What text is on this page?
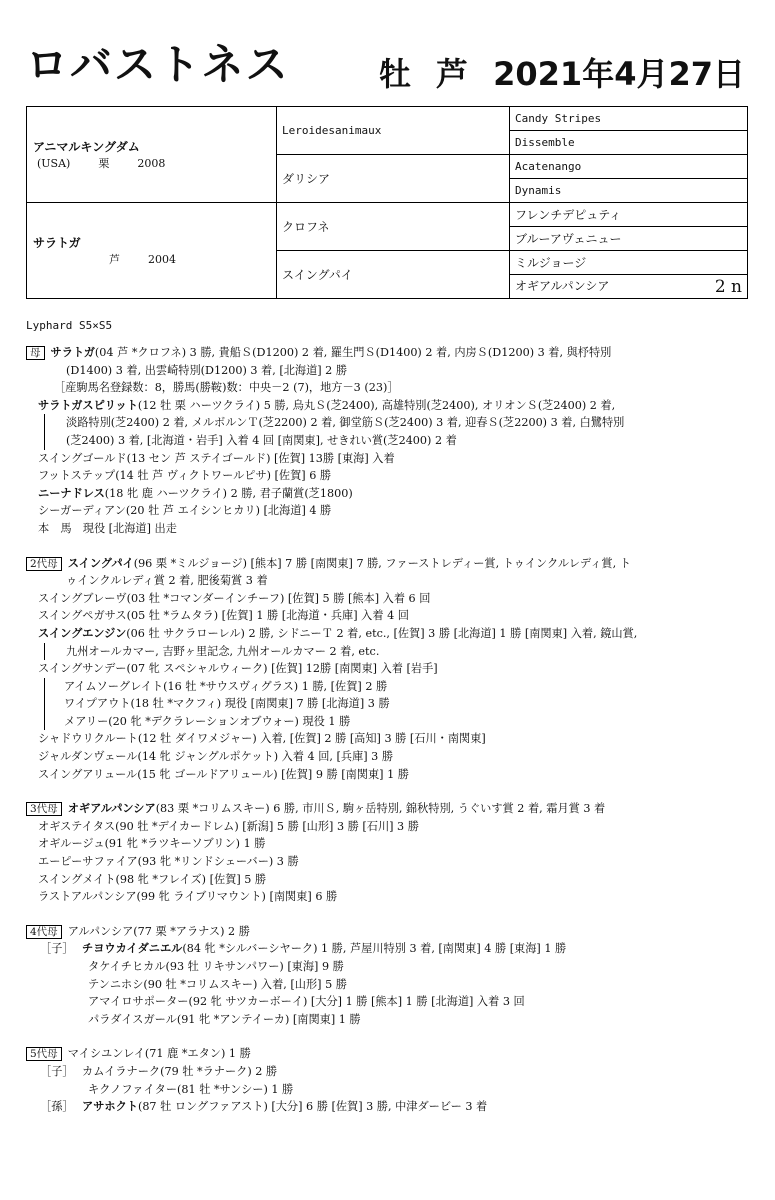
ロバストネス	牡 芦 2021年4月27日
アニマルキングダム
(USA) 栗 2008	Leroidesanimaux	Candy Stripes
		Dissemble
	ダリシア	Acatenango
		Dynamis

サラトガ
芦 2004	クロフネ	フレンチデピュティ
		ブルーアヴェニュー
	スイングパイ	ミルジョージ
		オギアルパンシア 2 n
Lyphard S5×S5
母 サラトガ(04 芦 *クロフネ) 3 勝, 貴船Ｓ(D1200) 2 着, 羅生門Ｓ(D1400) 2 着, 内房Ｓ(D1200) 3 着, 與杼特別
(D1400) 3 着, 出雲崎特別(D1200) 3 着, [北海道] 2 勝
［産駒馬名登録数：8，勝馬(勝鞍)数：中央－2 (7)，地方－3 (23)］
サラトガスピリット(12 牡 栗 ハーツクライ) 5 勝, 烏丸Ｓ(芝2400), 高雄特別(芝2400), オリオンＳ(芝2400) 2 着,
淡路特別(芝2400) 2 着, メルボルンＴ(芝2200) 2 着, 御堂筋Ｓ(芝2400) 3 着, 迎春Ｓ(芝2200) 3 着, 白鷺特別
(芝2400) 3 着, [北海道・岩手] 入着 4 回 [南関東], せきれい賞(芝2400) 2 着
スイングゴールド(13 セン 芦 ステイゴールド) [佐賀] 13勝 [東海] 入着
フットステップ(14 牡 芦 ヴィクトワールピサ) [佐賀] 6 勝
ニーナドレス(18 牝 鹿 ハーツクライ) 2 勝, 君子蘭賞(芝1800)
シーガーディアン(20 牡 芦 エイシンヒカリ) [北海道] 4 勝
本　馬　現役 [北海道] 出走
2代母 スイングパイ(96 栗 *ミルジョージ) [熊本] 7 勝 [南関東] 7 勝, ファーストレディー賞, トゥインクルレディ賞, ト
ゥインクルレディ賞 2 着, 肥後菊賞 3 着
スイングブレーヴ(03 牡 *コマンダーインチーフ) [佐賀] 5 勝 [熊本] 入着 6 回
スイングペガサス(05 牡 *ラムタラ) [佐賀] 1 勝 [北海道・兵庫] 入着 4 回
スイングエンジン(06 牡 サクラローレル) 2 勝, シドニーＴ 2 着, etc., [佐賀] 3 勝 [北海道] 1 勝 [南関東] 入着, 鏡山賞,
九州オールカマー, 吉野ヶ里記念, 九州オールカマー 2 着, etc.
スイングサンデー(07 牝 スペシャルウィーク) [佐賀] 12勝 [南関東] 入着 [岩手]
アイムソーグレイト(16 牡 *サウスヴィグラス) 1 勝, [佐賀] 2 勝
ワイプアウト(18 牡 *マクフィ) 現役 [南関東] 7 勝 [北海道] 3 勝
メアリー(20 牝 *デクラレーションオブウォー) 現役 1 勝
シャドウリクルート(12 牡 ダイワメジャー) 入着, [佐賀] 2 勝 [高知] 3 勝 [石川・南関東]
ジャルダンヴェール(14 牝 ジャングルポケット) 入着 4 回, [兵庫] 3 勝
スイングアリュール(15 牝 ゴールドアリュール) [佐賀] 9 勝 [南関東] 1 勝
3代母 オギアルパンシア(83 栗 *コリムスキー) 6 勝, 市川Ｓ, 駒ヶ岳特別, 錦秋特別, うぐいす賞 2 着, 霜月賞 3 着
オギステイタス(90 牡 *デイカードレム) [新潟] 5 勝 [山形] 3 勝 [石川] 3 勝
オギルージュ(91 牝 *ラツキーソブリン) 1 勝
エーピーサファイア(93 牝 *リンドシェーバー) 3 勝
スイングメイト(98 牝 *フレイズ) [佐賀] 5 勝
ラストアルパンシア(99 牝 ライブリマウント) [南関東] 6 勝
4代母 アルパンシア(77 栗 *アラナス) 2 勝
［子］ チヨウカイダニエル(84 牝 *シルバーシヤーク) 1 勝, 芦屋川特別 3 着, [南関東] 4 勝 [東海] 1 勝
タケイチヒカル(93 牡 リキサンパワー) [東海] 9 勝
テンニホシ(90 牡 *コリムスキー) 入着, [山形] 5 勝
アマイロサポーター(92 牝 サツカーボーイ) [大分] 1 勝 [熊本] 1 勝 [北海道] 入着 3 回
パラダイスガール(91 牝 *アンテイーカ) [南関東] 1 勝
5代母 マイシユンレイ(71 鹿 *エタン) 1 勝
［子］ カムイラナーク(79 牡 *ラナーク) 2 勝
キクノファイター(81 牡 *サンシー) 1 勝
［孫］ アサホクト(87 牡 ロングファアスト) [大分] 6 勝 [佐賀] 3 勝, 中津ダービー 3 着
